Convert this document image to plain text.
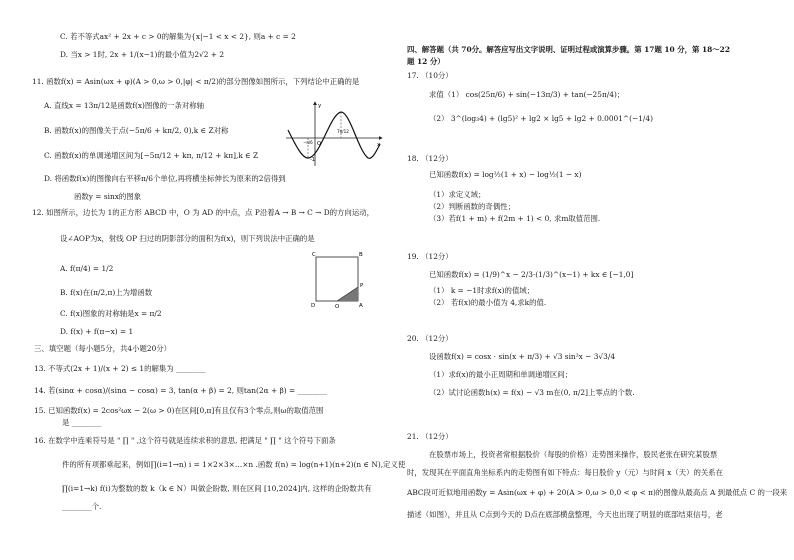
C. 若不等式ax² + 2x + c > 0的解集为{x|−1 < x < 2}, 则a + c = 2
D. 当x > 1时, 2x + 1/(x−1)的最小值为2√2 + 2
11. 函数f(x) = Asin(ωx + φ)(A > 0,ω > 0,|φ| < π/2)的部分图像如图所示，下列结论中正确的是
A. 直线x = 13π/12是函数f(x)图像的一条对称轴
B. 函数f(x)的图像关于点(−5π/6 + kπ/2, 0),k ∈ Z对称
C. 函数f(x)的单调递增区间为[−5π/12 + kπ, π/12 + kπ],k ∈ Z
D. 将函数f(x)的图像向右平移π/6个单位,再将横坐标伸长为原来的2倍得到
函数y = sinx的图象
y
x
7π/12
O
−π/6
-1
12. 如图所示，边长为 1的正方形 ABCD 中，O 为 AD 的中点，点 P沿着A → B → C → D的方向运动，
设∠AOP为x，射线 OP 扫过的阴影部分的面积为f(x)，则下列说法中正确的是
A. f(π/4) = 1/2
B. f(x)在(π/2,π)上为增函数
C. f(x)图象的对称轴是x = π/2
D. f(x) + f(π−x) = 1
C	B
D	O	A
P
三、填空题（每小题5分，共4小题20分）
13. 不等式(2x + 1)/(x + 2) ≤ 1的解集为 ________
14. 若(sinα + cosα)/(sinα − cosα) = 3, tan(α + β) = 2, 则tan(2α + β) = ________
15. 已知函数f(x) = 2cos²ωx − 2(ω > 0)在区间[0,π]有且仅有3个零点,则ω的取值范围
是 ________
16. 在数学中连乘符号是 " ∏ " ,这个符号就是连续求积的意思, 把满足 " ∏ " 这个符号下面条
件的所有项都乘起来，例如∏(i=1→n) i = 1×2×3×…×n .函数 f(n) = log(n+1)(n+2)(n ∈ N),定义使
∏(i=1→k) f(i)为整数的数 k（k ∈ N）叫做企盼数, 则在区间 [10,2024]内, 这样的企盼数共有
________个.
四、解答题（共 70分。解答应写出文字说明、证明过程或演算步骤。第 17题 10 分，第 18～22
题 12 分）
17. （10分）
求值（1） cos(25π/6) + sin(−13π/3) + tan(−25π/4)；
（2） 3^(log₃4) + (lg5)² + lg2 × lg5 + lg2 + 0.0001^(−1/4)
18. （12分）
已知函数f(x) = log½(1 + x) − log½(1 − x)
（1）求定义域；
（2）判断函数的奇偶性；
（3）若f(1 + m) + f(2m + 1) < 0, 求m取值范围.
19. （12分）
已知函数f(x) = (1/9)^x − 2/3·(1/3)^(x−1) + kx ∈ [−1,0]
（1） k = −1时求f(x)的值域；
（2） 若f(x)的最小值为 4,求k的值.
20. （12分）
设函数f(x) = cosx · sin(x + π/3) + √3 sin²x − 3√3/4
（1）求f(x)的最小正周期和单调递增区间；
（2）试讨论函数h(x) = f(x) − √3 m在(0, π/2]上零点的个数.
21. （12分）
在股票市场上，投资者常根据股价（每股的价格）走势图来操作，股民老张在研究某股票
时，发现其在平面直角坐标系内的走势图有如下特点：每日股价 y（元）与时间 x（天）的关系在
ABC段可近似地用函数y = Asin(ωx + φ) + 20(A > 0,ω > 0,0 < φ < π)的图像从最高点 A 到最低点 C 的一段来
描述（如图），并且从 C点到今天的 D点在底部横盘整理，今天也出现了明显的底部结束信号，老
